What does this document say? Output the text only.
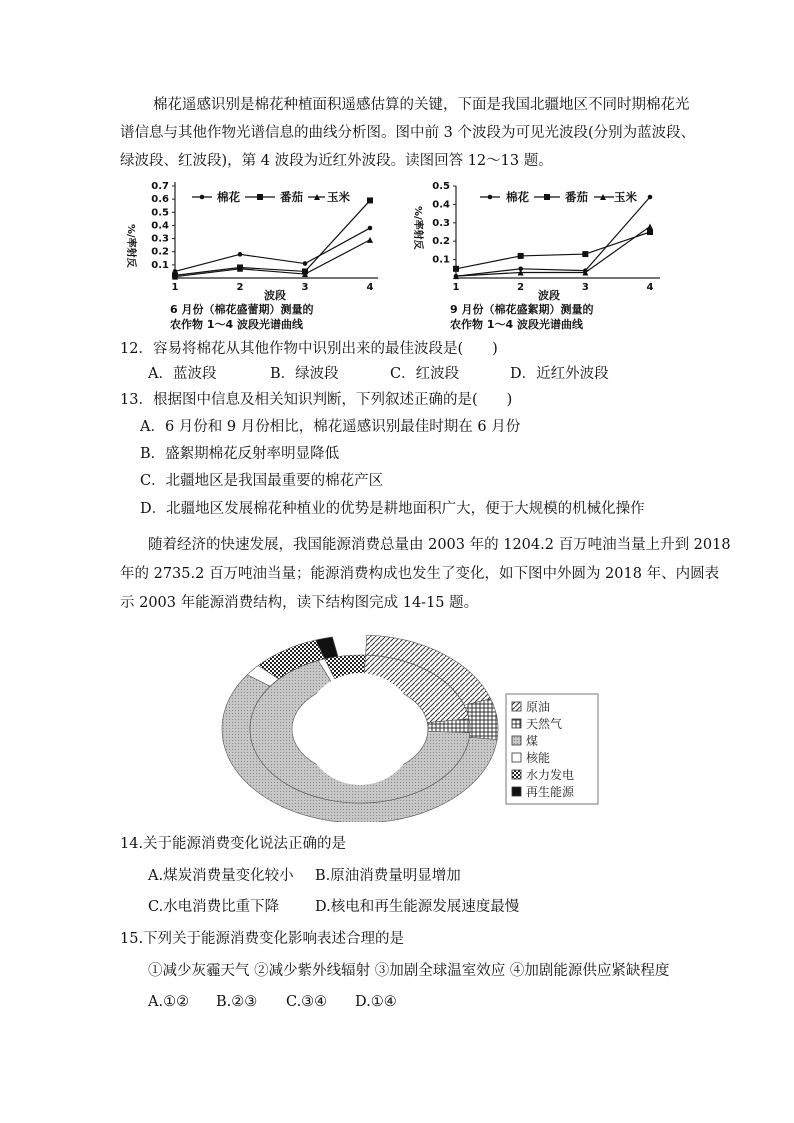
棉花遥感识别是棉花种植面积遥感估算的关键，下面是我国北疆地区不同时期棉花光
谱信息与其他作物光谱信息的曲线分析图。图中前 3 个波段为可见光波段(分别为蓝波段、
绿波段、红波段)，第 4 波段为近红外波段。读图回答 12～13 题。
%/率射反 0.1
0.2
0.3
0.4
0.5
0.6
0.7
1	2	3	4
棉花	番茄 玉米
波段
6 月份（棉花盛蕾期）测量的
农作物 1～4 波段光谱曲线
%/率射反
0.1
0.2
0.3
0.4
0.5
1	2	3	4
棉花	番茄 玉米
波段
9 月份（棉花盛絮期）测量的
农作物 1～4 波段光谱曲线
12．容易将棉花从其他作物中识别出来的最佳波段是(　　)
A．蓝波段	B．绿波段	C．红波段	D．近红外波段
13．根据图中信息及相关知识判断，下列叙述正确的是(　　)
A．6 月份和 9 月份相比，棉花遥感识别最佳时期在 6 月份
B．盛絮期棉花反射率明显降低
C．北疆地区是我国最重要的棉花产区
D．北疆地区发展棉花种植业的优势是耕地面积广大，便于大规模的机械化操作
随着经济的快速发展，我国能源消费总量由 2003 年的 1204.2 百万吨油当量上升到 2018
年的 2735.2 百万吨油当量；能源消费构成也发生了变化，如下图中外圆为 2018 年、内圆表
示 2003 年能源消费结构，读下结构图完成 14-15 题。
原油
天然气
煤
核能
水力发电
再生能源
14.关于能源消费变化说法正确的是
A.煤炭消费量变化较小 B.原油消费量明显增加
C.水电消费比重下降 D.核电和再生能源发展速度最慢
15.下列关于能源消费变化影响表述合理的是
①减少灰霾天气 ②减少紫外线辐射 ③加剧全球温室效应 ④加剧能源供应紧缺程度
A.①② B.②③ C.③④ D.①④
